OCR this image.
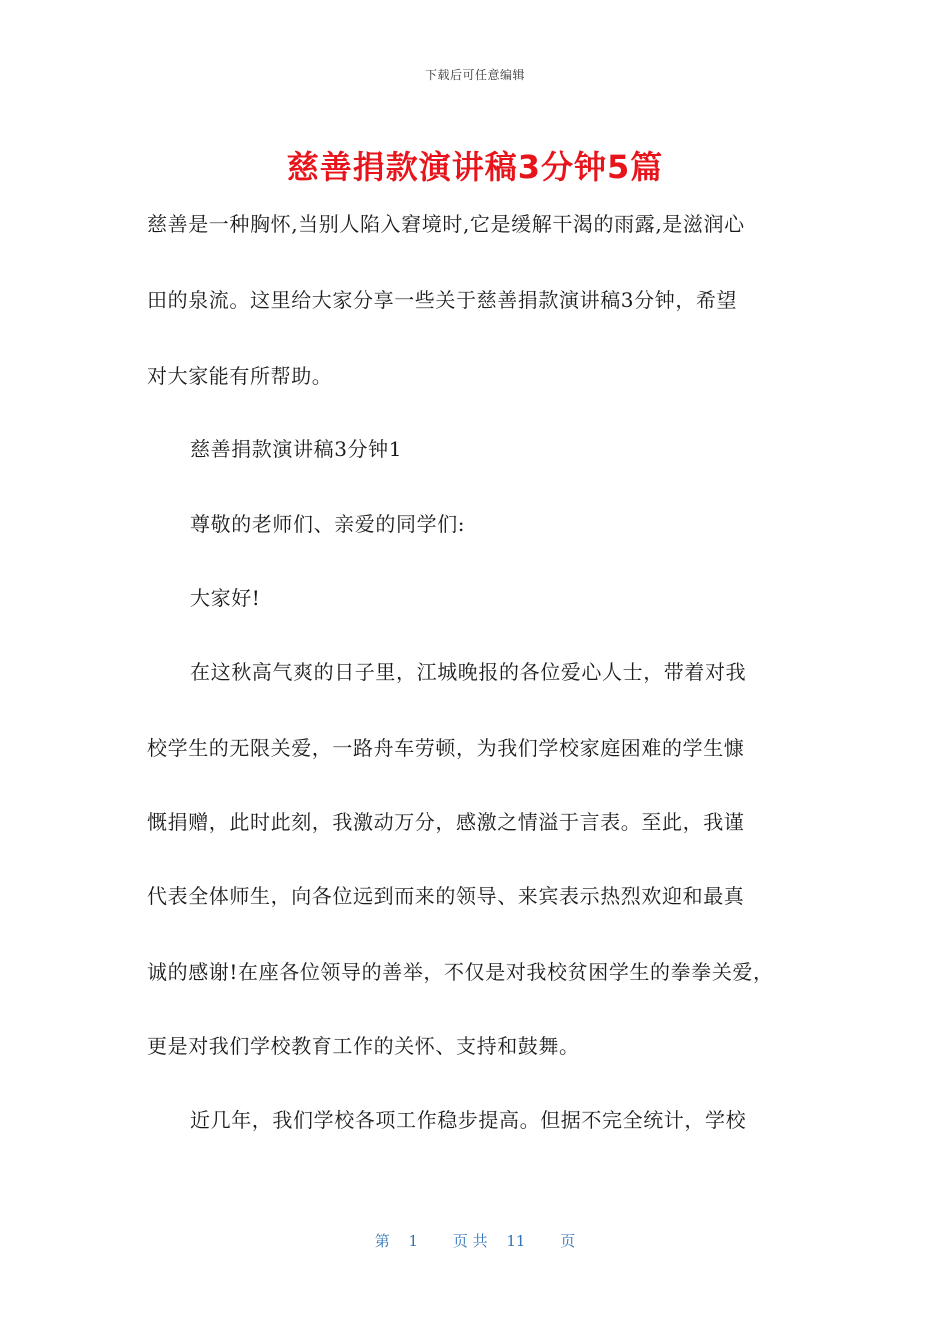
下载后可任意编辑
慈善捐款演讲稿3分钟5篇
慈善是一种胸怀,当别人陷入窘境时,它是缓解干渴的雨露,是滋润心
田的泉流。这里给大家分享一些关于慈善捐款演讲稿3分钟，希望
对大家能有所帮助。
慈善捐款演讲稿3分钟1
尊敬的老师们、亲爱的同学们:
大家好!
在这秋高气爽的日子里，江城晚报的各位爱心人士，带着对我
校学生的无限关爱，一路舟车劳顿，为我们学校家庭困难的学生慷
慨捐赠，此时此刻，我激动万分，感激之情溢于言表。至此，我谨
代表全体师生，向各位远到而来的领导、来宾表示热烈欢迎和最真
诚的感谢!在座各位领导的善举，不仅是对我校贫困学生的拳拳关爱，
更是对我们学校教育工作的关怀、支持和鼓舞。
近几年，我们学校各项工作稳步提高。但据不完全统计，学校
第 1 页 共 11 页
